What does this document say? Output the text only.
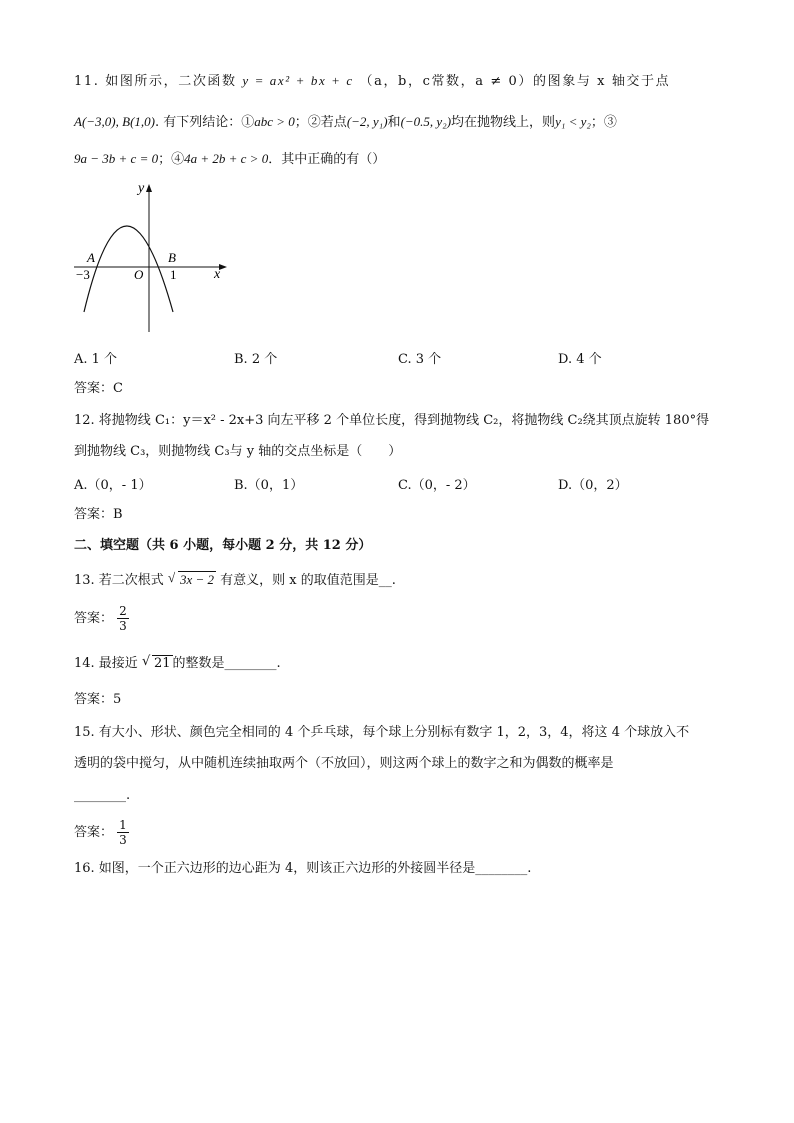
11. 如图所示，二次函数 y = ax² + bx + c （a，b，c常数，a ≠ 0）的图象与 x 轴交于点
A(−3,0), B(1,0). 有下列结论：①abc > 0；②若点(−2, y₁)和(−0.5, y₂)均在抛物线上，则y₁ < y₂；③
9a − 3b + c = 0；④4a + 2b + c > 0．其中正确的有（）
y
x
A	B
O
−3	1
A. 1 个	B. 2 个	C. 3 个	D. 4 个
答案：C
12. 将抛物线 C₁：y＝x² - 2x+3 向左平移 2 个单位长度，得到抛物线 C₂，将抛物线 C₂绕其顶点旋转 180°得
到抛物线 C₃，则抛物线 C₃与 y 轴的交点坐标是（　　）
A.（0，- 1）	B.（0，1）	C.（0，- 2）	D.（0，2）
答案：B
二、填空题（共 6 小题，每小题 2 分，共 12 分）
13. 若二次根式 √ 3x − 2 有意义，则 x 的取值范围是__.
答案： $\frac{2}{3}$
14. 最接近 √ 21 的整数是________.
答案：5
15. 有大小、形状、颜色完全相同的 4 个乒乓球，每个球上分别标有数字 1，2，3，4，将这 4 个球放入不
透明的袋中搅匀，从中随机连续抽取两个（不放回），则这两个球上的数字之和为偶数的概率是
________.
答案： $\frac{1}{3}$
16. 如图，一个正六边形的边心距为 4，则该正六边形的外接圆半径是________.
